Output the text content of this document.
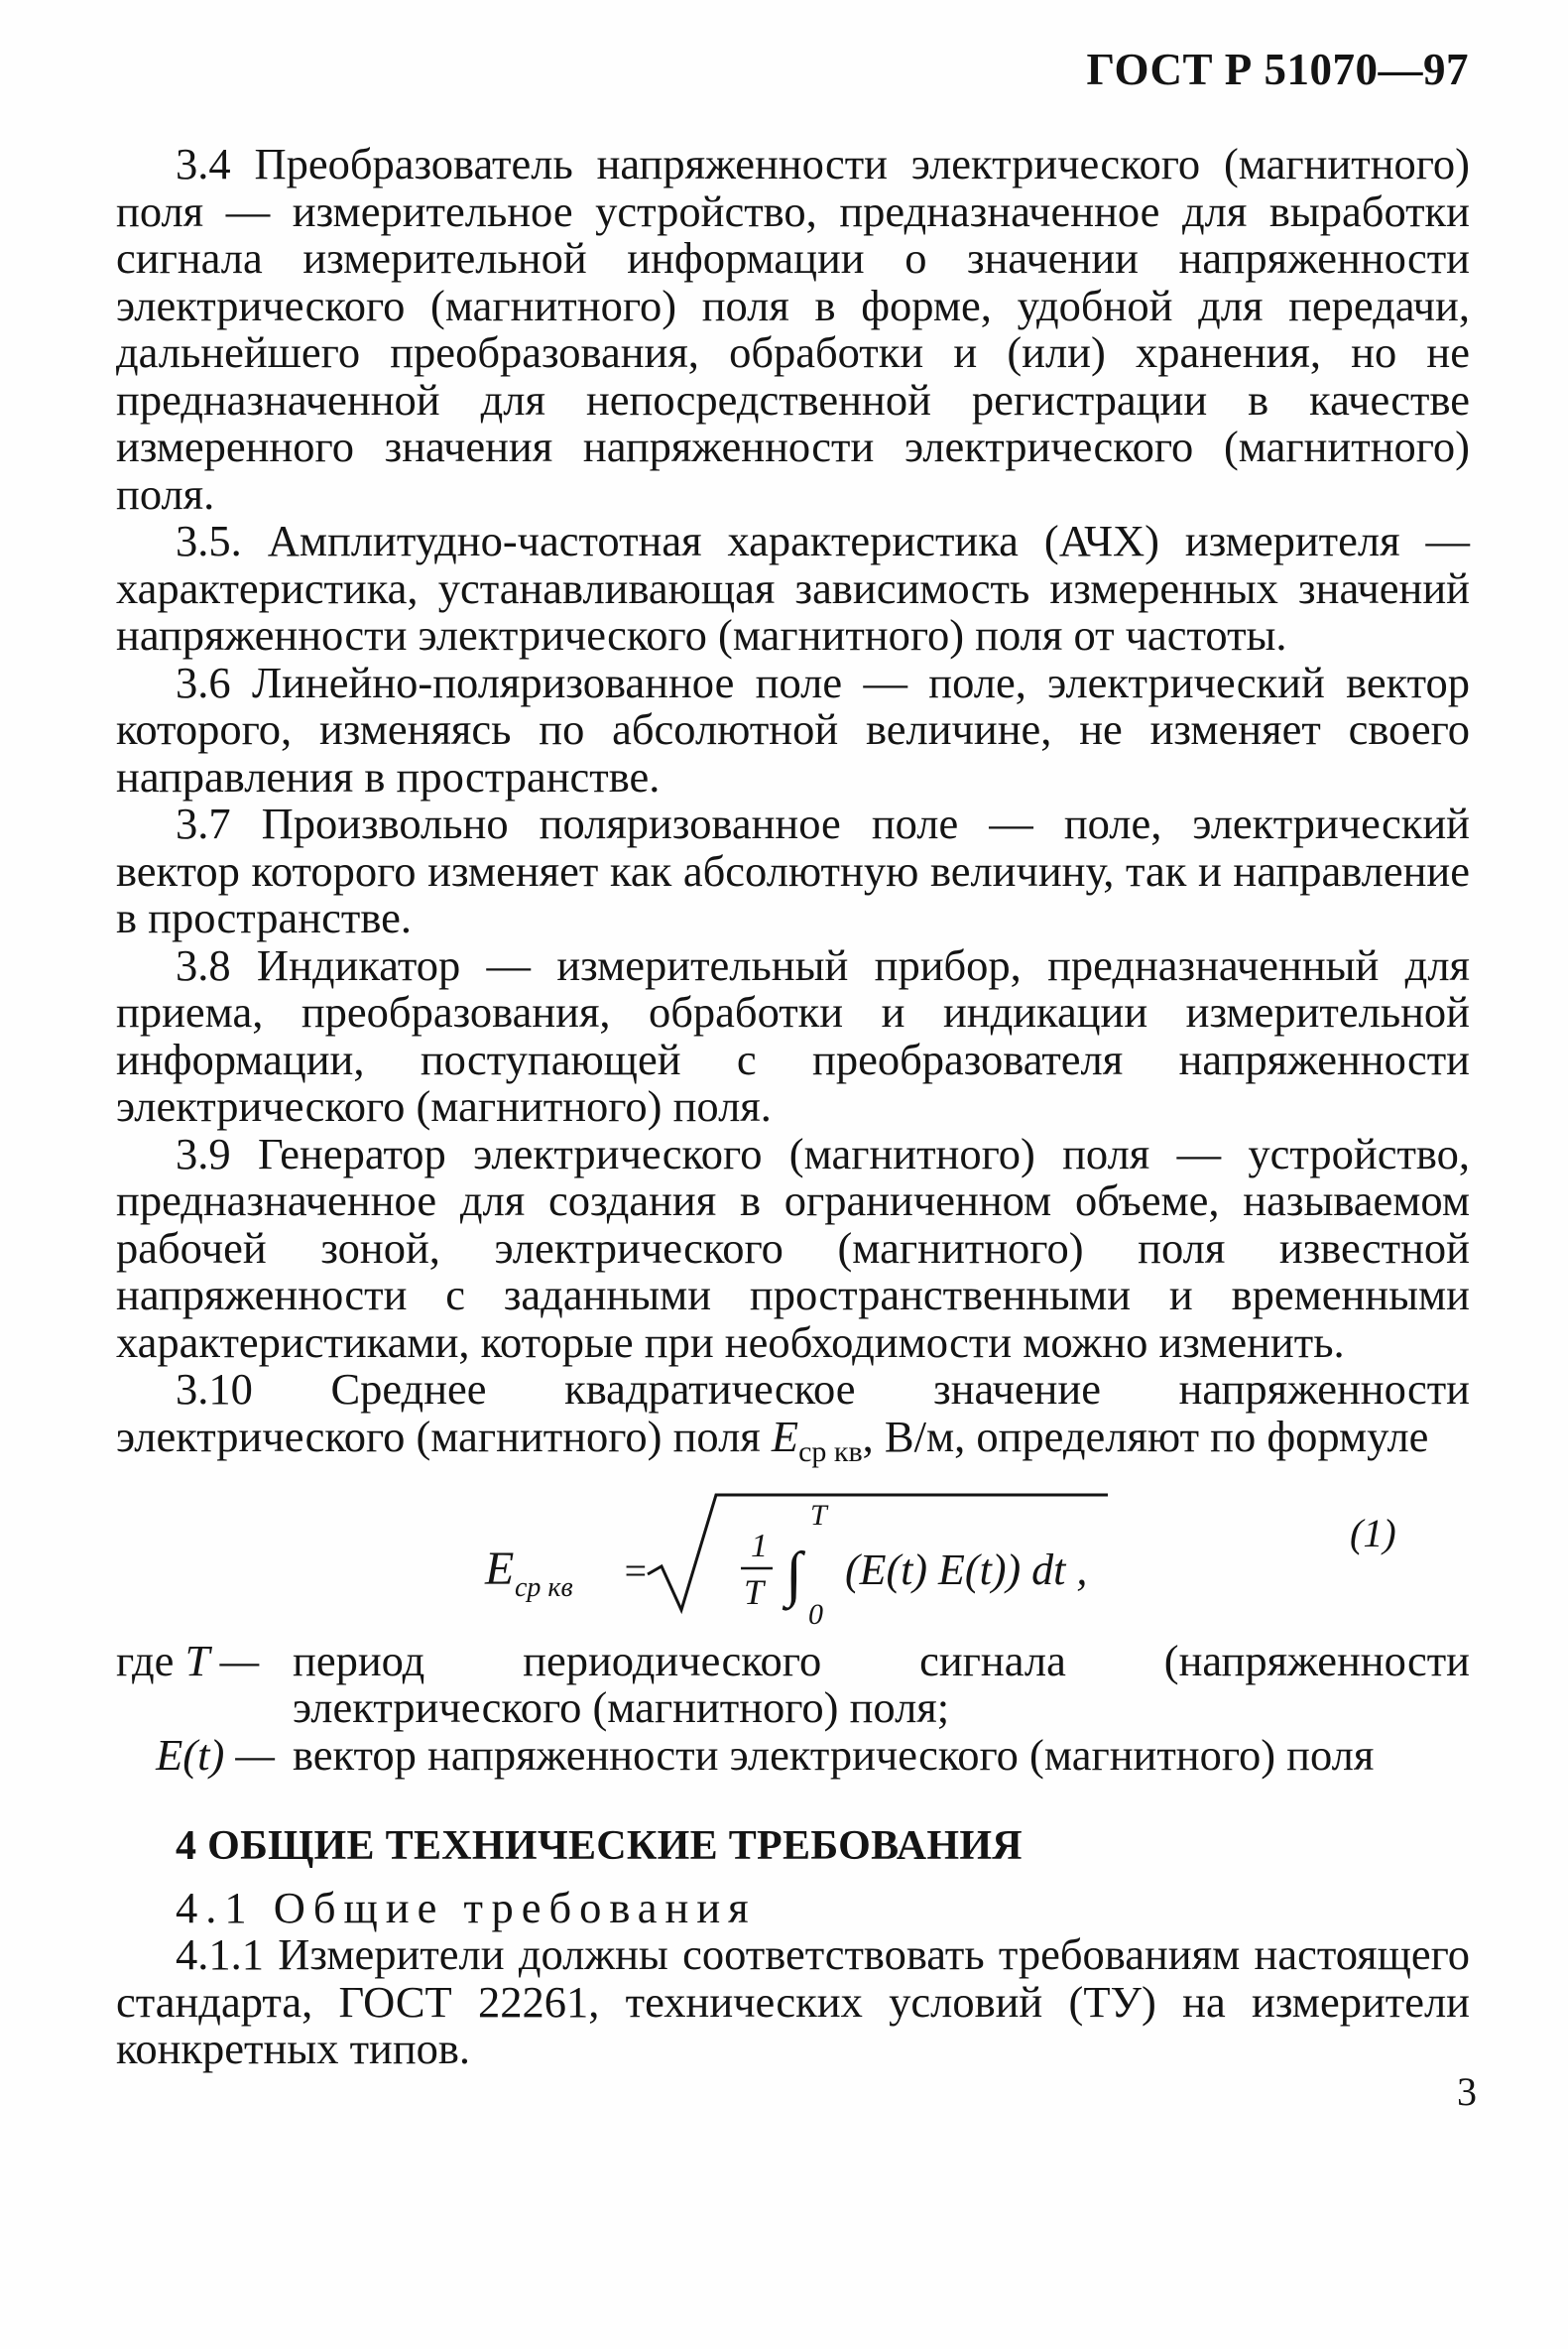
ГОСТ Р 51070—97

3.4 Преобразователь напряженности электрического (магнитного) поля — измерительное устройство, предназначенное для выработки сигнала измерительной информации о значении напряженности электрического (магнитного) поля в форме, удобной для передачи, дальнейшего преобразования, обработки и (или) хранения, но не предназначенной для непосредственной регистрации в качестве измеренного значения напряженности электрического (магнитного) поля.

3.5. Амплитудно-частотная характеристика (АЧХ) измерителя — характеристика, устанавливающая зависимость измеренных значений напряженности электрического (магнитного) поля от частоты.

3.6 Линейно-поляризованное поле — поле, электрический вектор которого, изменяясь по абсолютной величине, не изменяет своего направления в пространстве.

3.7 Произвольно поляризованное поле — поле, электрический вектор которого изменяет как абсолютную величину, так и направление в пространстве.

3.8 Индикатор — измерительный прибор, предназначенный для приема, преобразования, обработки и индикации измерительной информации, поступающей с преобразователя напряженности электрического (магнитного) поля.

3.9 Генератор электрического (магнитного) поля — устройство, предназначенное для создания в ограниченном объеме, называемом рабочей зоной, электрического (магнитного) поля известной напряженности с заданными пространственными и временными характеристиками, которые при необходимости можно изменить.

3.10 Среднее квадратическое значение напряженности электрического (магнитного) поля $E_{ср кв}$, В/м, определяют по формуле

E ср кв =
1
T ∫
T
0
(E(t) E(t)) dt ,
(1)
где T — период периодического сигнала (напряженности электрического (магнитного) поля;
E(t) — вектор напряженности электрического (магнитного) поля
4 ОБЩИЕ ТЕХНИЧЕСКИЕ ТРЕБОВАНИЯ
4.1 Общие требования

4.1.1 Измерители должны соответствовать требованиям настоящего стандарта, ГОСТ 22261, технических условий (ТУ) на измерители конкретных типов.

3
